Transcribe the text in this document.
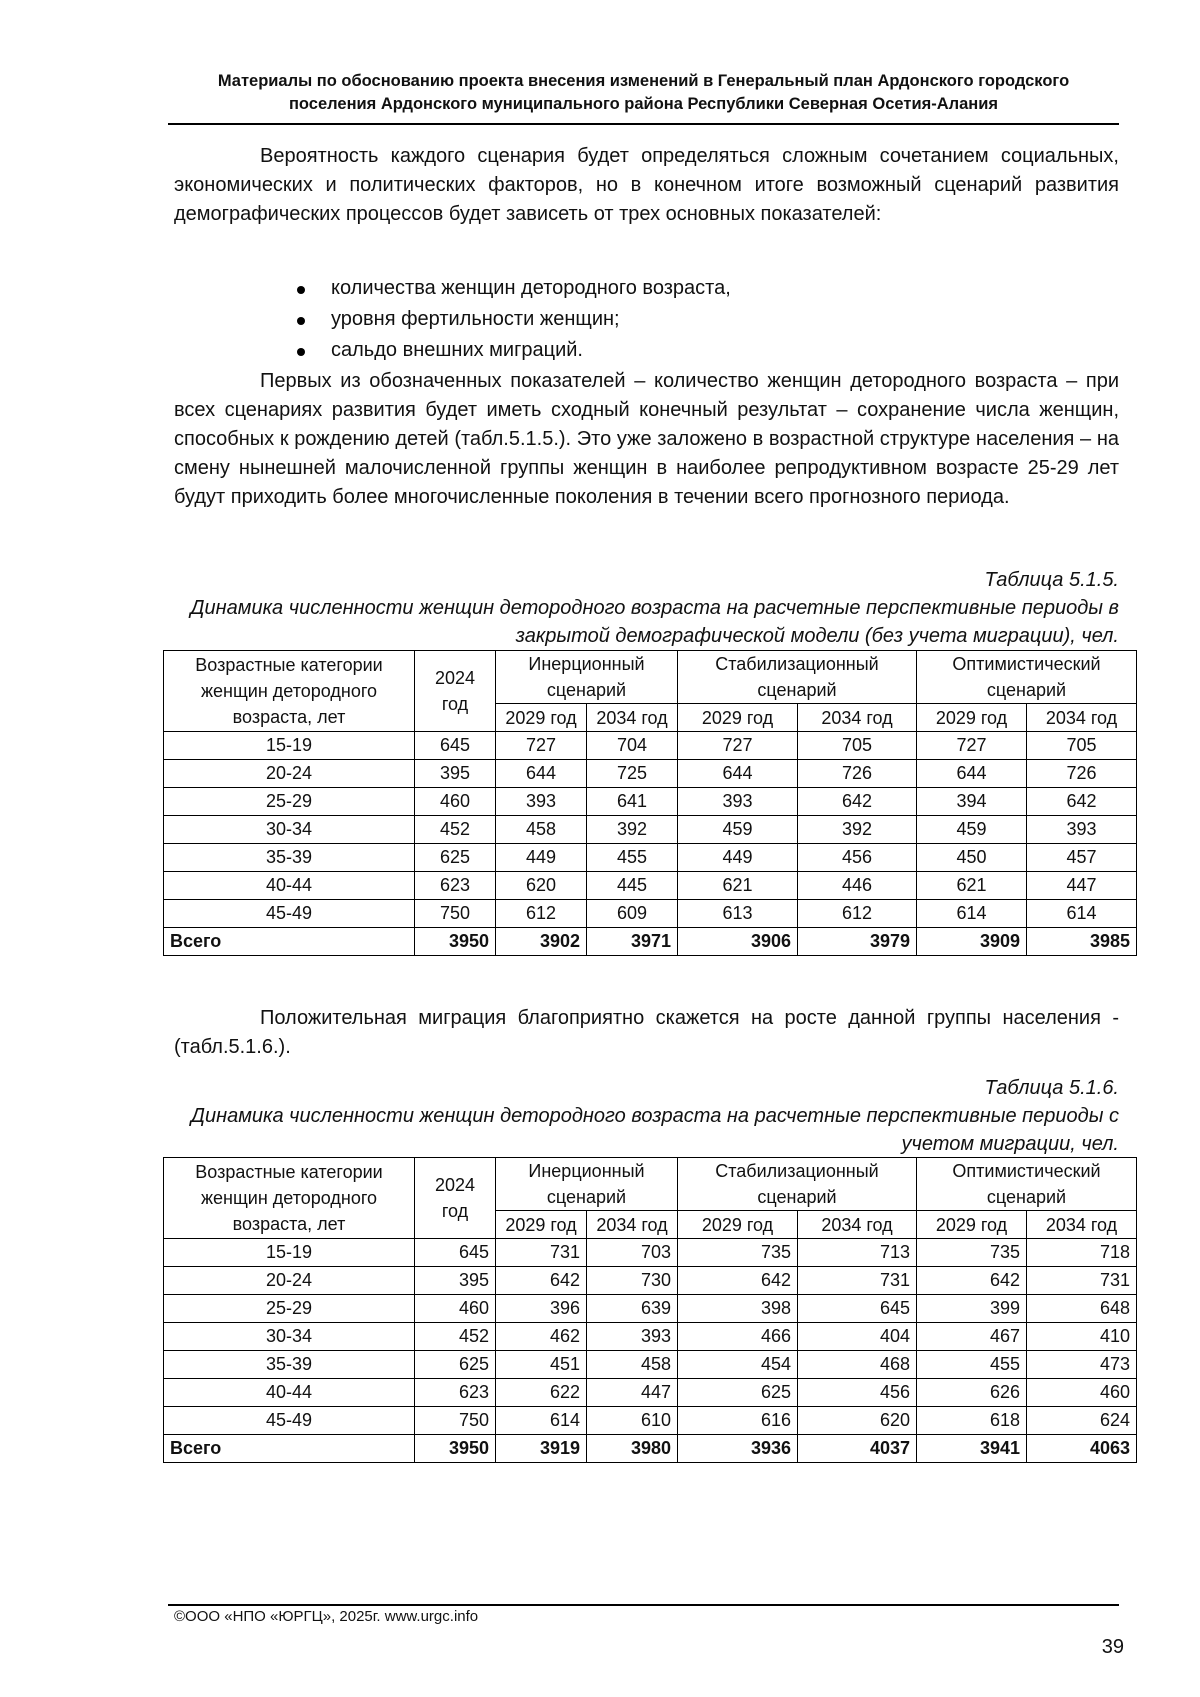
Материалы по обоснованию проекта внесения изменений в Генеральный план Ардонского городского
поселения Ардонского муниципального района Республики Северная Осетия-Алания

Вероятность каждого сценария будет определяться сложным сочетанием социальных, экономических и политических факторов, но в конечном итоге возможный сценарий развития демографических процессов будет зависеть от трех основных показателей:

количества женщин детородного возраста,
уровня фертильности женщин;
сальдо внешних миграций.

Первых из обозначенных показателей – количество женщин детородного возраста – при всех сценариях развития будет иметь сходный конечный результат – сохранение числа женщин, способных к рождению детей (табл.5.1.5.). Это уже заложено в возрастной структуре населения – на смену нынешней малочисленной группы женщин в наиболее репродуктивном возрасте 25-29 лет будут приходить более многочисленные поколения в течении всего прогнозного периода.

Таблица 5.1.5.
Динамика численности женщин детородного возраста на расчетные перспективные периоды в закрытой демографической модели (без учета миграции), чел.
Возрастные категории женщин детородного возраста, лет	2024 год	Инерционный сценарий		Стабилизационный сценарий		Оптимистический сценарий	
		2029 год	2034 год	2029 год	2034 год	2029 год	2034 год
15-19	645	727	704	727	705	727	705
20-24	395	644	725	644	726	644	726
25-29	460	393	641	393	642	394	642
30-34	452	458	392	459	392	459	393
35-39	625	449	455	449	456	450	457
40-44	623	620	445	621	446	621	447
45-49	750	612	609	613	612	614	614
Всего	3950	3902	3971	3906	3979	3909	3985

Положительная миграция благоприятно скажется на росте данной группы населения - (табл.5.1.6.).

Таблица 5.1.6.
Динамика численности женщин детородного возраста на расчетные перспективные периоды с учетом миграции, чел.
Возрастные категории женщин детородного возраста, лет	2024 год	Инерционный сценарий		Стабилизационный сценарий		Оптимистический сценарий	
		2029 год	2034 год	2029 год	2034 год	2029 год	2034 год
15-19	645	731	703	735	713	735	718
20-24	395	642	730	642	731	642	731
25-29	460	396	639	398	645	399	648
30-34	452	462	393	466	404	467	410
35-39	625	451	458	454	468	455	473
40-44	623	622	447	625	456	626	460
45-49	750	614	610	616	620	618	624
Всего	3950	3919	3980	3936	4037	3941	4063
©ООО «НПО «ЮРГЦ», 2025г. www.urgc.info
39
